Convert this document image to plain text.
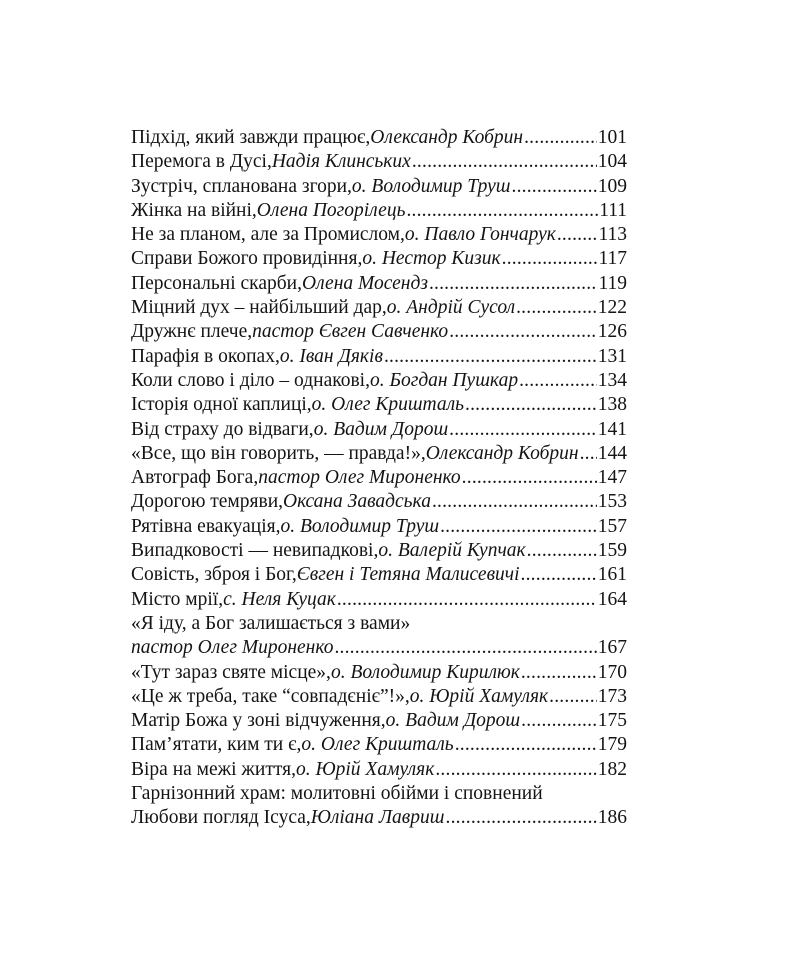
Підхід, який завжди працює, Олександр Кобрин .....	101
Перемога в Дусі, Надія Клинських .....	104
Зустріч, спланована згори, о. Володимир Труш .....	109
Жінка на війні, Олена Погорілець .....	111
Не за планом, але за Промислом, о. Павло Гончарук ..... 113
Справи Божого провидіння, о. Нестор Кизик .....	117
Персональні скарби, Олена Мосендз .....	119
Міцний дух – найбільший дар, о. Андрій Сусол .....	122
Дружнє плече, пастор Євген Савченко .....	126
Парафія в окопах, о. Іван Дяків .....	131
Коли слово і діло – однакові, о. Богдан Пушкар .....	134
Історія одної каплиці, о. Олег Кришталь .....	138
Від страху до відваги, о. Вадим Дорош .....	141
«Все, що він говорить, — правда!», Олександр Кобрин ..... 144
Автограф Бога, пастор Олег Мироненко .....	147
Дорогою темряви, Оксана Завадська .....	153
Рятівна евакуація, о. Володимир Труш .....	157
Випадковості — невипадкові, о. Валерій Купчак .....	159
Совість, зброя і Бог, Євген і Тетяна Малисевичі .....	161
Місто мрії, с. Неля Куцак .....	164
«Я іду, а Бог залишається з вами»
пастор Олег Мироненко .....	167
«Тут зараз святе місце», о. Володимир Кирилюк .....	170
«Це ж треба, таке “совпадєніє”!», о. Юрій Хамуляк .....	173
Матір Божа у зоні відчуження, о. Вадим Дорош .....	175
Пам’ятати, ким ти є, о. Олег Кришталь .....	179
Віра на межі життя, о. Юрій Хамуляк .....	182
Гарнізонний храм: молитовні обійми і сповнений
Любови погляд Ісуса, Юліана Лавриш .....	186
